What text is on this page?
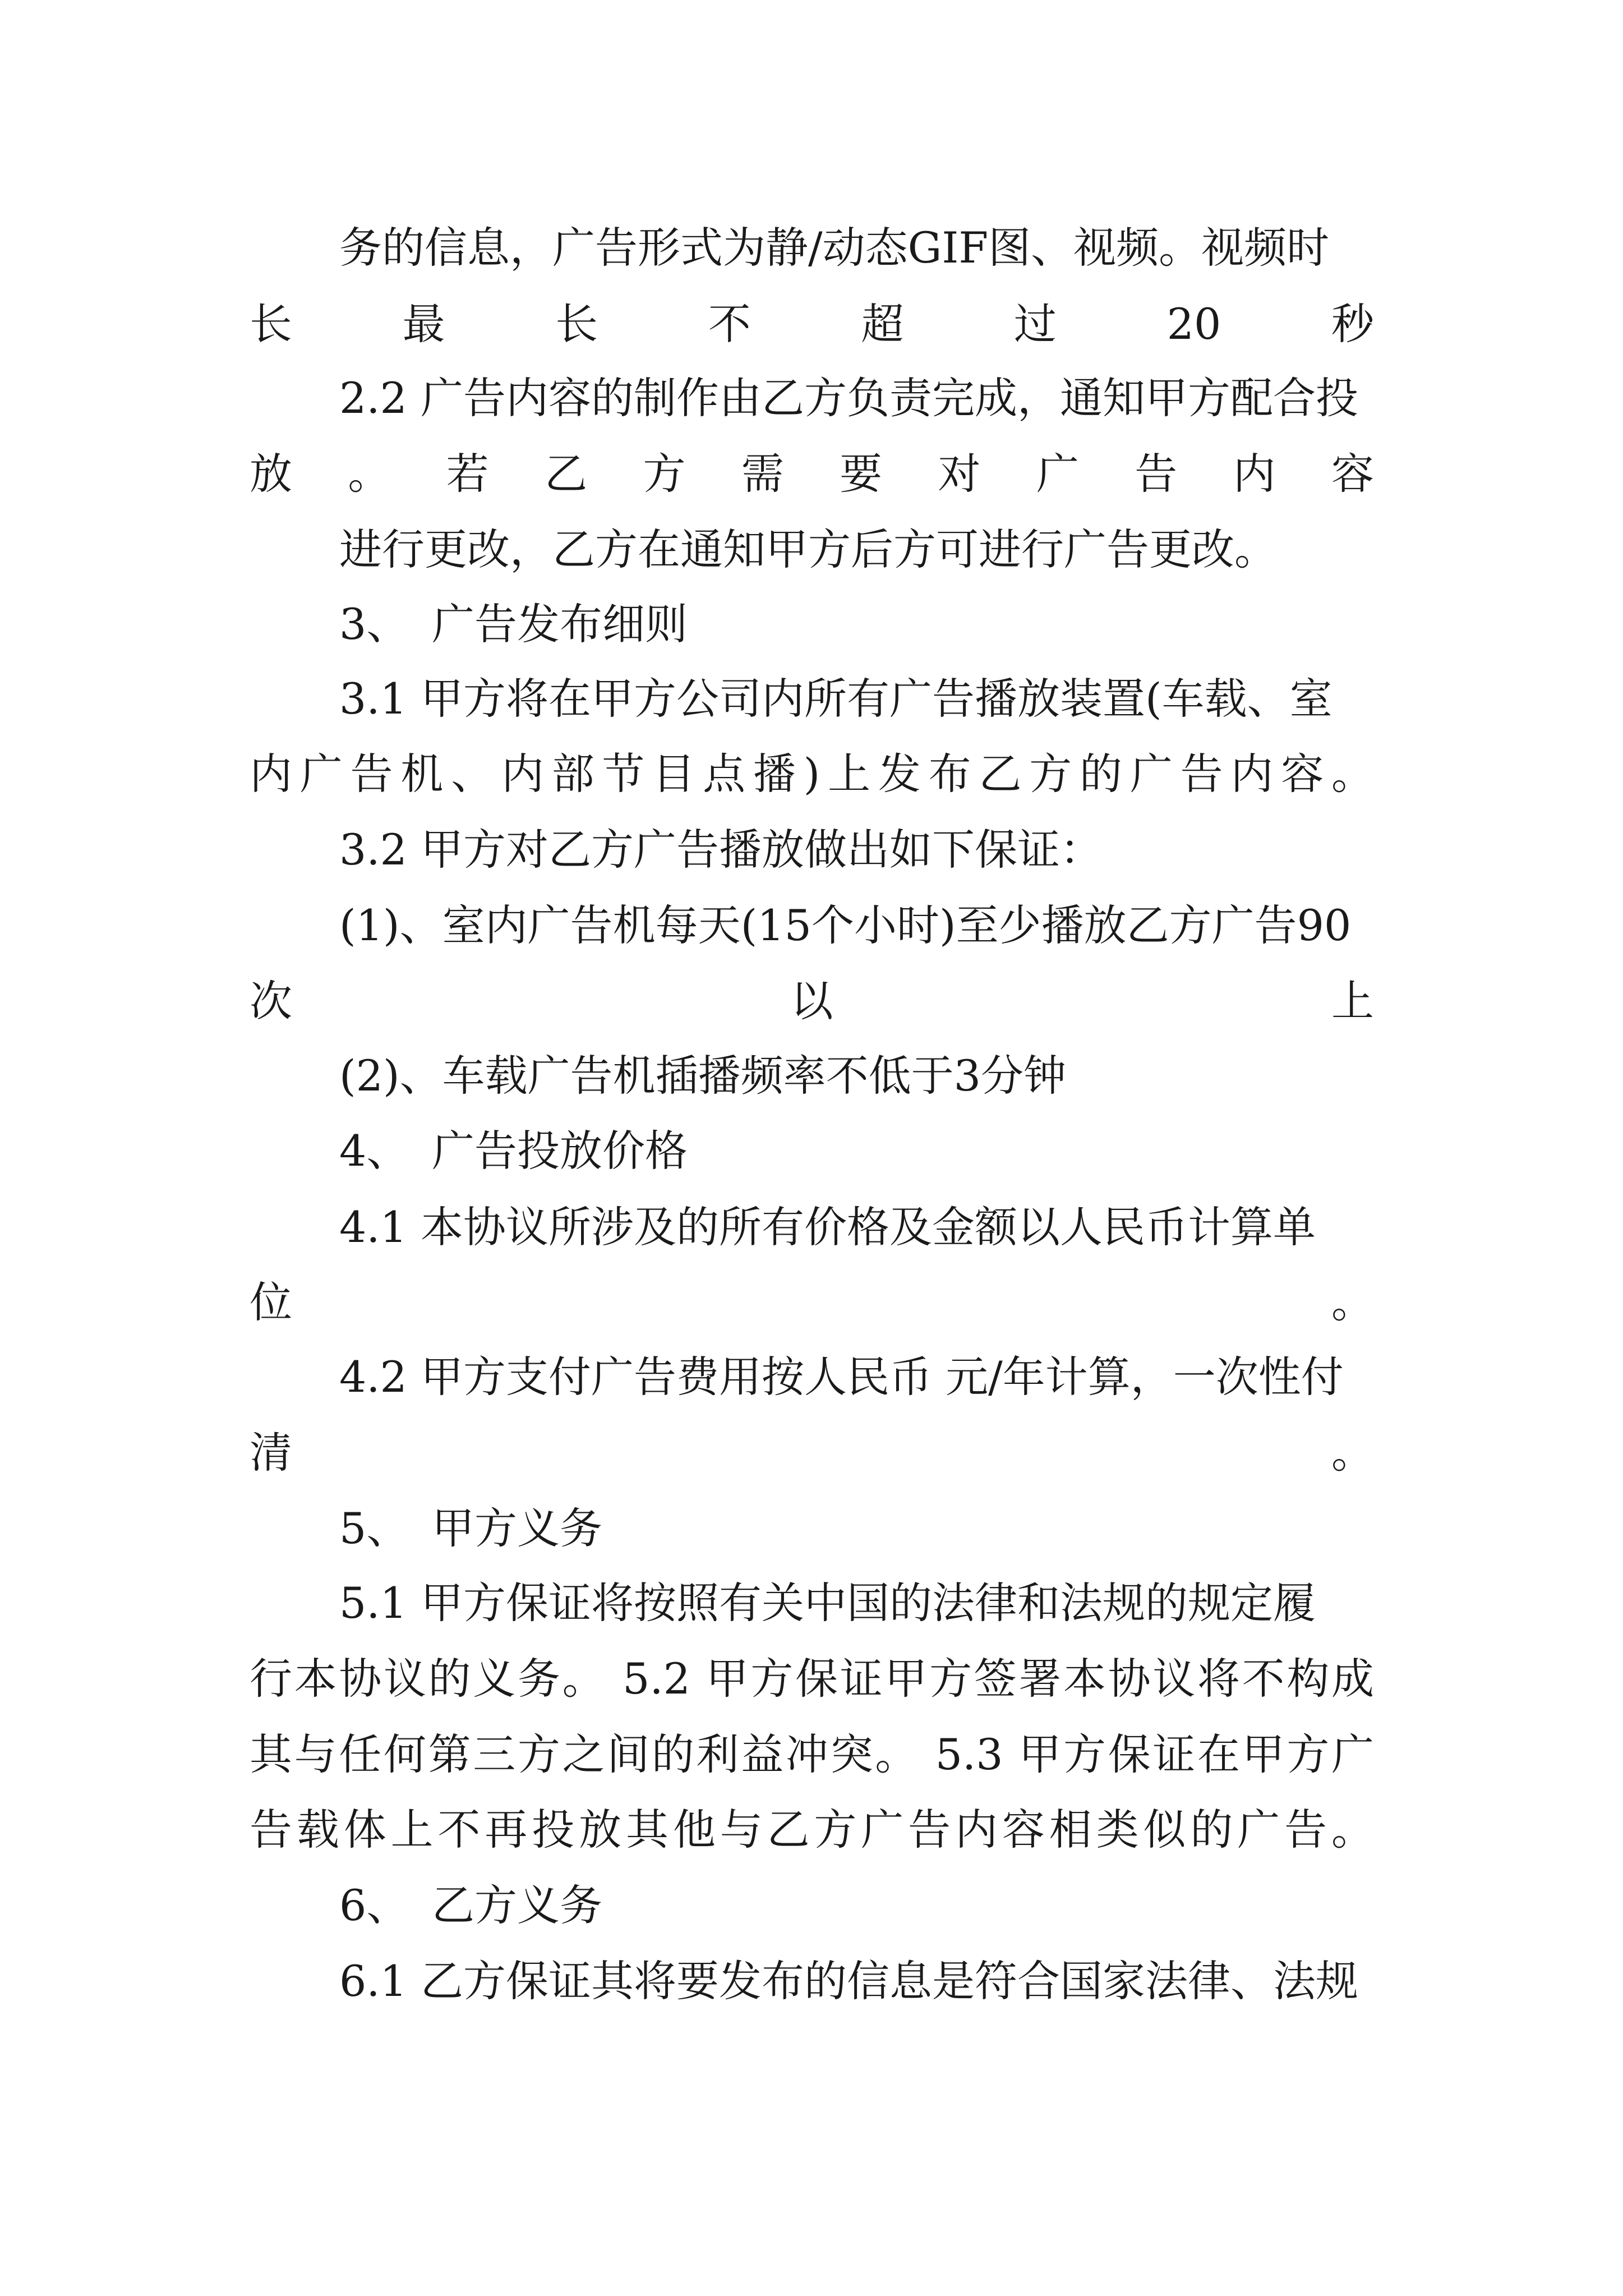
务的信息，广告形式为静/动态GIF图、视频。视频时

长最长不超过20秒

2.2 广告内容的制作由乙方负责完成，通知甲方配合投

放。若乙方需要对广告内容

进行更改，乙方在通知甲方后方可进行广告更改。

3、 广告发布细则

3.1 甲方将在甲方公司内所有广告播放装置(车载、室

内广告机、内部节目点播)上发布乙方的广告内容。

3.2 甲方对乙方广告播放做出如下保证：

(1)、室内广告机每天(15个小时)至少播放乙方广告90

次以上

(2)、车载广告机插播频率不低于3分钟

4、 广告投放价格

4.1 本协议所涉及的所有价格及金额以人民币计算单

位。

4.2 甲方支付广告费用按人民币 元/年计算，一次性付

清。

5、 甲方义务

5.1 甲方保证将按照有关中国的法律和法规的规定履

行本协议的义务。 5.2 甲方保证甲方签署本协议将不构成

其与任何第三方之间的利益冲突。 5.3 甲方保证在甲方广

告载体上不再投放其他与乙方广告内容相类似的广告。

6、 乙方义务

6.1 乙方保证其将要发布的信息是符合国家法律、法规
